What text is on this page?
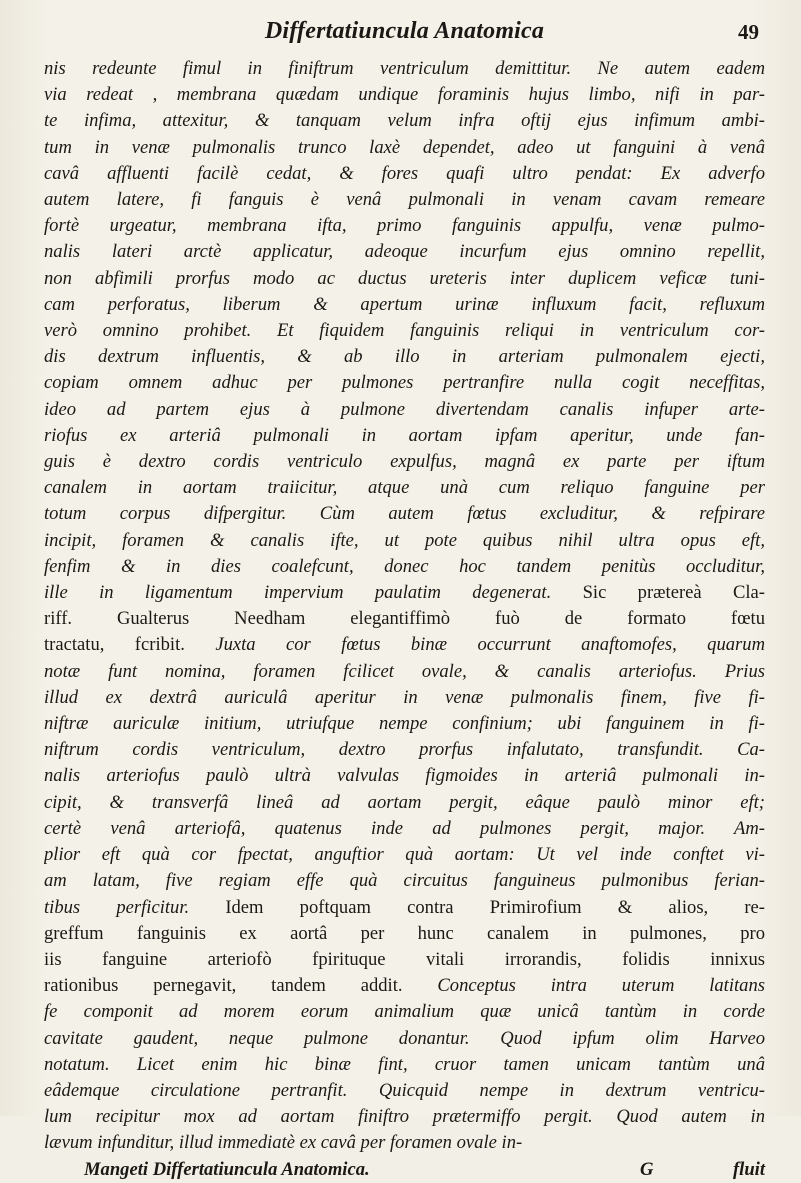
Differtatiuncula Anatomica	49
nis redeunte fimul in finiftrum ventriculum demittitur. Ne autem eadem
via redeat , membrana quædam undique foraminis hujus limbo, nifi in par-
te infima, attexitur, & tanquam velum infra oftij ejus infimum ambi-
tum in venæ pulmonalis trunco laxè dependet, adeo ut fanguini à venâ
cavâ affluenti facilè cedat, & fores quafi ultro pendat: Ex adverfo
autem latere, fi fanguis è venâ pulmonali in venam cavam remeare
fortè urgeatur, membrana ifta, primo fanguinis appulfu, venæ pulmo-
nalis lateri arctè applicatur, adeoque incurfum ejus omnino repellit,
non abfimili prorfus modo ac ductus ureteris inter duplicem veficæ tuni-
cam perforatus, liberum & apertum urinæ influxum facit, refluxum
verò omnino prohibet. Et fiquidem fanguinis reliqui in ventriculum cor-
dis dextrum influentis, & ab illo in arteriam pulmonalem ejecti,
copiam omnem adhuc per pulmones pertranfire nulla cogit neceffitas,
ideo ad partem ejus à pulmone divertendam canalis infuper arte-
riofus ex arteriâ pulmonali in aortam ipfam aperitur, unde fan-
guis è dextro cordis ventriculo expulfus, magnâ ex parte per iftum
canalem in aortam traiicitur, atque unà cum reliquo fanguine per
totum corpus difpergitur. Cùm autem fœtus excluditur, & refpirare
incipit, foramen & canalis ifte, ut pote quibus nihil ultra opus eft,
fenfim & in dies coalefcunt, donec hoc tandem penitùs occluditur,
ille in ligamentum impervium paulatim degenerat. Sic prætereà Cla-
riff. Gualterus Needham elegantiffimò fuò de formato fœtu
tractatu, fcribit. Juxta cor fœtus binæ occurrunt anaftomofes, quarum
notæ funt nomina, foramen fcilicet ovale, & canalis arteriofus. Prius
illud ex dextrâ auriculâ aperitur in venæ pulmonalis finem, five fi-
niftræ auriculæ initium, utriufque nempe confinium; ubi fanguinem in fi-
niftrum cordis ventriculum, dextro prorfus infalutato, transfundit. Ca-
nalis arteriofus paulò ultrà valvulas figmoides in arteriâ pulmonali in-
cipit, & transverfâ lineâ ad aortam pergit, eâque paulò minor eft;
certè venâ arteriofâ, quatenus inde ad pulmones pergit, major. Am-
plior eft quà cor fpectat, anguftior quà aortam: Ut vel inde conftet vi-
am latam, five regiam effe quà circuitus fanguineus pulmonibus ferian-
tibus perficitur. Idem poftquam contra Primirofium & alios, re-
greffum fanguinis ex aortâ per hunc canalem in pulmones, pro
iis fanguine arteriofò fpirituque vitali irrorandis, folidis innixus
rationibus pernegavit, tandem addit. Conceptus intra uterum latitans
fe componit ad morem eorum animalium quæ unicâ tantùm in corde
cavitate gaudent, neque pulmone donantur. Quod ipfum olim Harveo
notatum. Licet enim hic binæ fint, cruor tamen unicam tantùm unâ
eâdemque circulatione pertranfit. Quicquid nempe in dextrum ventricu-
lum recipitur mox ad aortam finiftro prætermiffo pergit. Quod autem in
lævum infunditur, illud immediatè ex cavâ per foramen ovale in-
Mangeti Differtatiuncula Anatomica.	G	fluit
